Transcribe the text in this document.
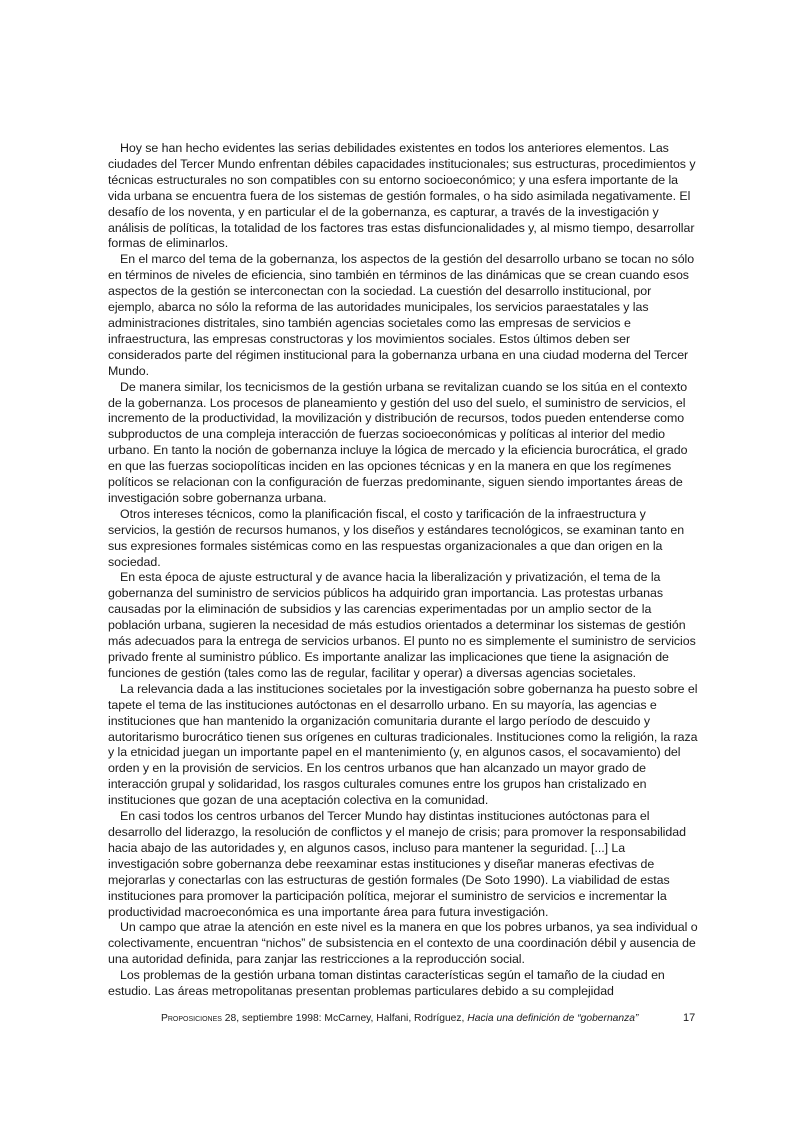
Hoy se han hecho evidentes las serias debilidades existentes en todos los anteriores elementos. Las ciudades del Tercer Mundo enfrentan débiles capacidades institucionales; sus estructuras, procedimientos y técnicas estructurales no son compatibles con su entorno socioeconómico; y una esfera importante de la vida urbana se encuentra fuera de los sistemas de gestión formales, o ha sido asimilada negativamente. El desafío de los noventa, y en particular el de la gobernanza, es capturar, a través de la investigación y análisis de políticas, la totalidad de los factores tras estas disfuncionalidades y, al mismo tiempo, desarrollar formas de eliminarlos.

En el marco del tema de la gobernanza, los aspectos de la gestión del desarrollo urbano se tocan no sólo en términos de niveles de eficiencia, sino también en términos de las dinámicas que se crean cuando esos aspectos de la gestión se interconectan con la sociedad. La cuestión del desarrollo institucional, por ejemplo, abarca no sólo la reforma de las autoridades municipales, los servicios paraestatales y las administraciones distritales, sino también agencias societales como las empresas de servicios e infraestructura, las empresas constructoras y los movimientos sociales. Estos últimos deben ser considerados parte del régimen institucional para la gobernanza urbana en una ciudad moderna del Tercer Mundo.

De manera similar, los tecnicismos de la gestión urbana se revitalizan cuando se los sitúa en el contexto de la gobernanza. Los procesos de planeamiento y gestión del uso del suelo, el suministro de servicios, el incremento de la productividad, la movilización y distribución de recursos, todos pueden entenderse como subproductos de una compleja interacción de fuerzas socioeconómicas y políticas al interior del medio urbano. En tanto la noción de gobernanza incluye la lógica de mercado y la eficiencia burocrática, el grado en que las fuerzas sociopolíticas inciden en las opciones técnicas y en la manera en que los regímenes políticos se relacionan con la configuración de fuerzas predominante, siguen siendo importantes áreas de investigación sobre gobernanza urbana.

Otros intereses técnicos, como la planificación fiscal, el costo y tarificación de la infraestructura y servicios, la gestión de recursos humanos, y los diseños y estándares tecnológicos, se examinan tanto en sus expresiones formales sistémicas como en las respuestas organizacionales a que dan origen en la sociedad.

En esta época de ajuste estructural y de avance hacia la liberalización y privatización, el tema de la gobernanza del suministro de servicios públicos ha adquirido gran importancia. Las protestas urbanas causadas por la eliminación de subsidios y las carencias experimentadas por un amplio sector de la población urbana, sugieren la necesidad de más estudios orientados a determinar los sistemas de gestión más adecuados para la entrega de servicios urbanos. El punto no es simplemente el suministro de servicios privado frente al suministro público. Es importante analizar las implicaciones que tiene la asignación de funciones de gestión (tales como las de regular, facilitar y operar) a diversas agencias societales.

La relevancia dada a las instituciones societales por la investigación sobre gobernanza ha puesto sobre el tapete el tema de las instituciones autóctonas en el desarrollo urbano. En su mayoría, las agencias e instituciones que han mantenido la organización comunitaria durante el largo período de descuido y autoritarismo burocrático tienen sus orígenes en culturas tradicionales. Instituciones como la religión, la raza y la etnicidad juegan un importante papel en el mantenimiento (y, en algunos casos, el socavamiento) del orden y en la provisión de servicios. En los centros urbanos que han alcanzado un mayor grado de interacción grupal y solidaridad, los rasgos culturales comunes entre los grupos han cristalizado en instituciones que gozan de una aceptación colectiva en la comunidad.

En casi todos los centros urbanos del Tercer Mundo hay distintas instituciones autóctonas para el desarrollo del liderazgo, la resolución de conflictos y el manejo de crisis; para promover la responsabilidad hacia abajo de las autoridades y, en algunos casos, incluso para mantener la seguridad. [...] La investigación sobre gobernanza debe reexaminar estas instituciones y diseñar maneras efectivas de mejorarlas y conectarlas con las estructuras de gestión formales (De Soto 1990). La viabilidad de estas instituciones para promover la participación política, mejorar el suministro de servicios e incrementar la productividad macroeconómica es una importante área para futura investigación.

Un campo que atrae la atención en este nivel es la manera en que los pobres urbanos, ya sea individual o colectivamente, encuentran “nichos” de subsistencia en el contexto de una coordinación débil y ausencia de una autoridad definida, para zanjar las restricciones a la reproducción social.

Los problemas de la gestión urbana toman distintas características según el tamaño de la ciudad en estudio. Las áreas metropolitanas presentan problemas particulares debido a su complejidad

Proposiciones 28, septiembre 1998: McCarney, Halfani, Rodríguez, Hacia una definición de “gobernanza”	17
